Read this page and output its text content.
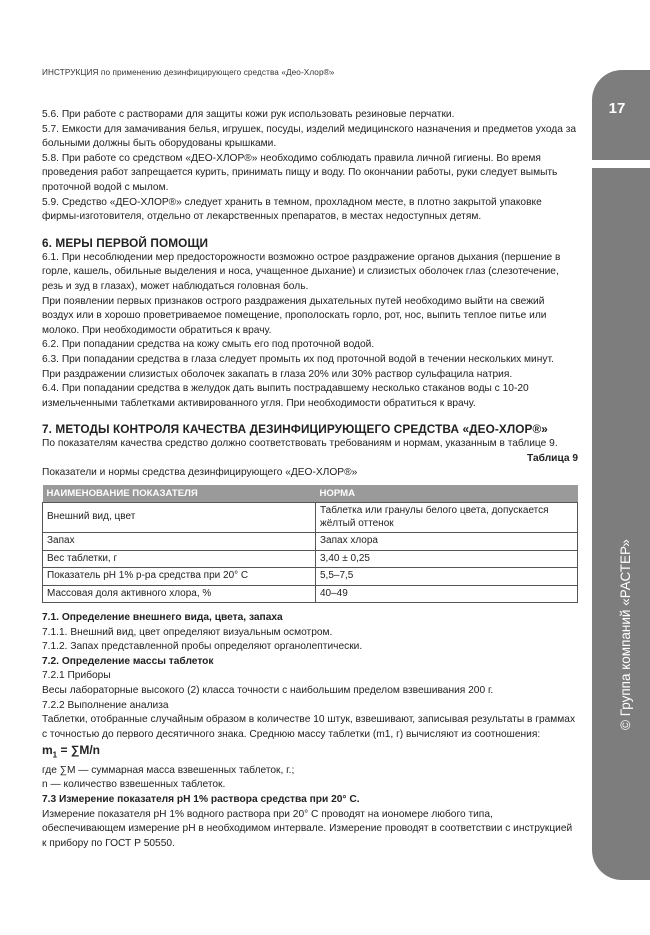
ИНСТРУКЦИЯ по применению дезинфицирующего средства «Део-Хлор®»
17
© Группа компаний «РАСТЕР»

5.6. При работе с растворами для защиты кожи рук использовать резиновые перчатки.

5.7. Емкости для замачивания белья, игрушек, посуды, изделий медицинского назначения и предметов ухода за больными должны быть оборудованы крышками.

5.8. При работе со средством «ДЕО-ХЛОР®» необходимо соблюдать правила личной гигиены. Во время проведения работ запрещается курить, принимать пищу и воду. По окончании работы, руки следует вымыть проточной водой с мылом.

5.9. Средство «ДЕО-ХЛОР®» следует хранить в темном, прохладном месте, в плотно закрытой упаковке фирмы-изготовителя, отдельно от лекарственных препаратов, в местах недоступных детям.

6. МЕРЫ ПЕРВОЙ ПОМОЩИ

6.1. При несоблюдении мер предосторожности возможно острое раздражение органов дыхания (першение в горле, кашель, обильные выделения и носа, учащенное дыхание) и слизистых оболочек глаз (слезотечение, резь и зуд в глазах), может наблюдаться головная боль.

При появлении первых признаков острого раздражения дыхательных путей необходимо выйти на свежий воздух или в хорошо проветриваемое помещение, прополоскать горло, рот, нос, выпить теплое питье или молоко. При необходимости обратиться к врачу.

6.2. При попадании средства на кожу смыть его под проточной водой.

6.3. При попадании средства в глаза следует промыть их под проточной водой в течении нескольких минут.

При раздражении слизистых оболочек закапать в глаза 20% или 30% раствор сульфацила натрия.

6.4. При попадании средства в желудок дать выпить пострадавшему несколько стаканов воды с 10-20 измельченными таблетками активированного угля. При необходимости обратиться к врачу.

7. МЕТОДЫ КОНТРОЛЯ КАЧЕСТВА ДЕЗИНФИЦИРУЮЩЕГО СРЕДСТВА «ДЕО-ХЛОР®»

По показателям качества средство должно соответствовать требованиям и нормам, указанным в таблице 9.

Таблица 9

Показатели и нормы средства дезинфицирующего «ДЕО-ХЛОР®»

НАИМЕНОВАНИЕ ПОКАЗАТЕЛЯ	НОРМА
Внешний вид, цвет	Таблетка или гранулы белого цвета, допускается жёлтый оттенок
Запах	Запах хлора
Вес таблетки, г	3,40 ± 0,25
Показатель рН 1% р-ра средства при 20° С	5,5–7,5
Массовая доля активного хлора, %	40–49
7.1. Определение внешнего вида, цвета, запаха

7.1.1. Внешний вид, цвет определяют визуальным осмотром.

7.1.2. Запах представленной пробы определяют органолептически.

7.2. Определение массы таблеток

7.2.1 Приборы

Весы лабораторные высокого (2) класса точности с наибольшим пределом взвешивания 200 г.

7.2.2 Выполнение анализа

Таблетки, отобранные случайным образом в количестве 10 штук, взвешивают, записывая результаты в граммах с точностью до первого десятичного знака. Среднюю массу таблетки (m1, г) вычисляют из соотношения:

$m_1 = \sum M/n$

где ∑M — суммарная масса взвешенных таблеток, г.;

n — количество взвешенных таблеток.

7.3 Измерение показателя рН 1% раствора средства при 20° С.

Измерение показателя рН 1% водного раствора при 20° С проводят на иономере любого типа, обеспечивающем измерение рН в необходимом интервале. Измерение проводят в соответствии с инструкцией к прибору по ГОСТ Р 50550.
